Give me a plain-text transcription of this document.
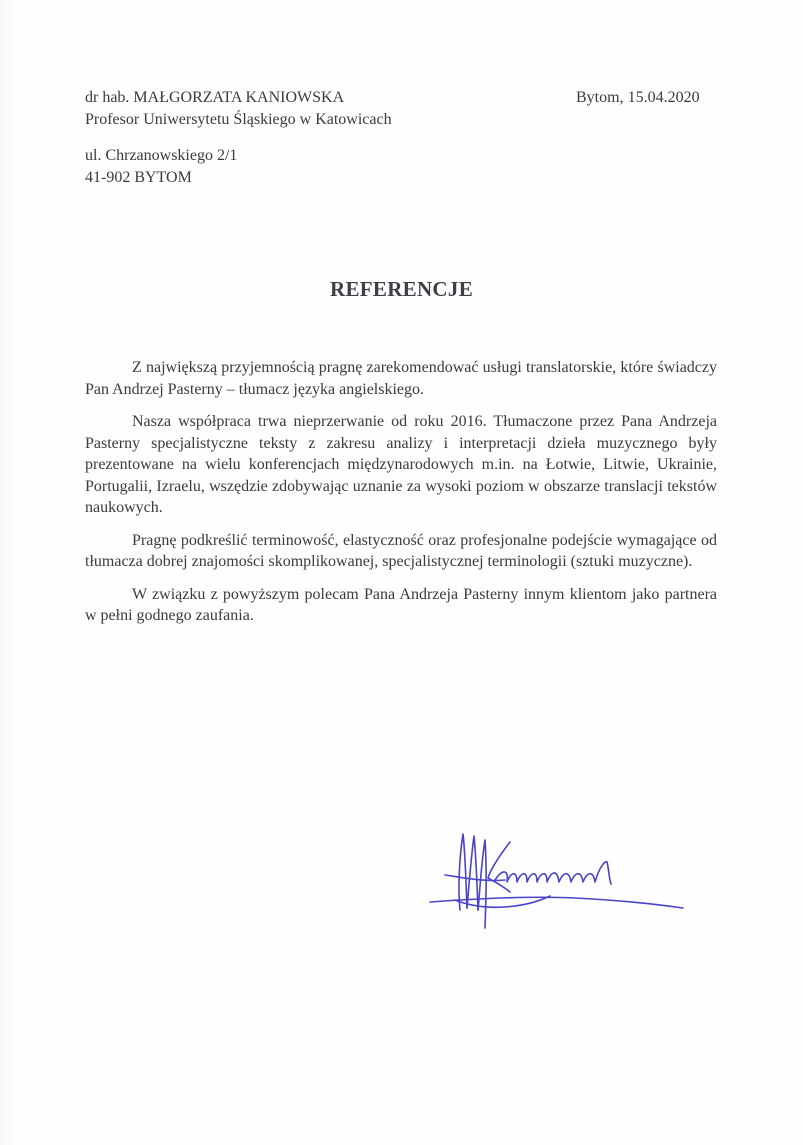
dr hab. MAŁGORZATA KANIOWSKA
Profesor Uniwersytetu Śląskiego w Katowicach
ul. Chrzanowskiego 2/1
41-902 BYTOM
Bytom, 15.04.2020
REFERENCJE

Z największą przyjemnością pragnę zarekomendować usługi translatorskie, które świadczy Pan Andrzej Pasterny – tłumacz języka angielskiego.

Nasza współpraca trwa nieprzerwanie od roku 2016. Tłumaczone przez Pana Andrzeja Pasterny specjalistyczne teksty z zakresu analizy i interpretacji dzieła muzycznego były prezentowane na wielu konferencjach międzynarodowych m.in. na Łotwie, Litwie, Ukrainie, Portugalii, Izraelu, wszędzie zdobywając uznanie za wysoki poziom w obszarze translacji tekstów naukowych.

Pragnę podkreślić terminowość, elastyczność oraz profesjonalne podejście wymagające od tłumacza dobrej znajomości skomplikowanej, specjalistycznej terminologii (sztuki muzyczne).

W związku z powyższym polecam Pana Andrzeja Pasterny innym klientom jako partnera w pełni godnego zaufania.
